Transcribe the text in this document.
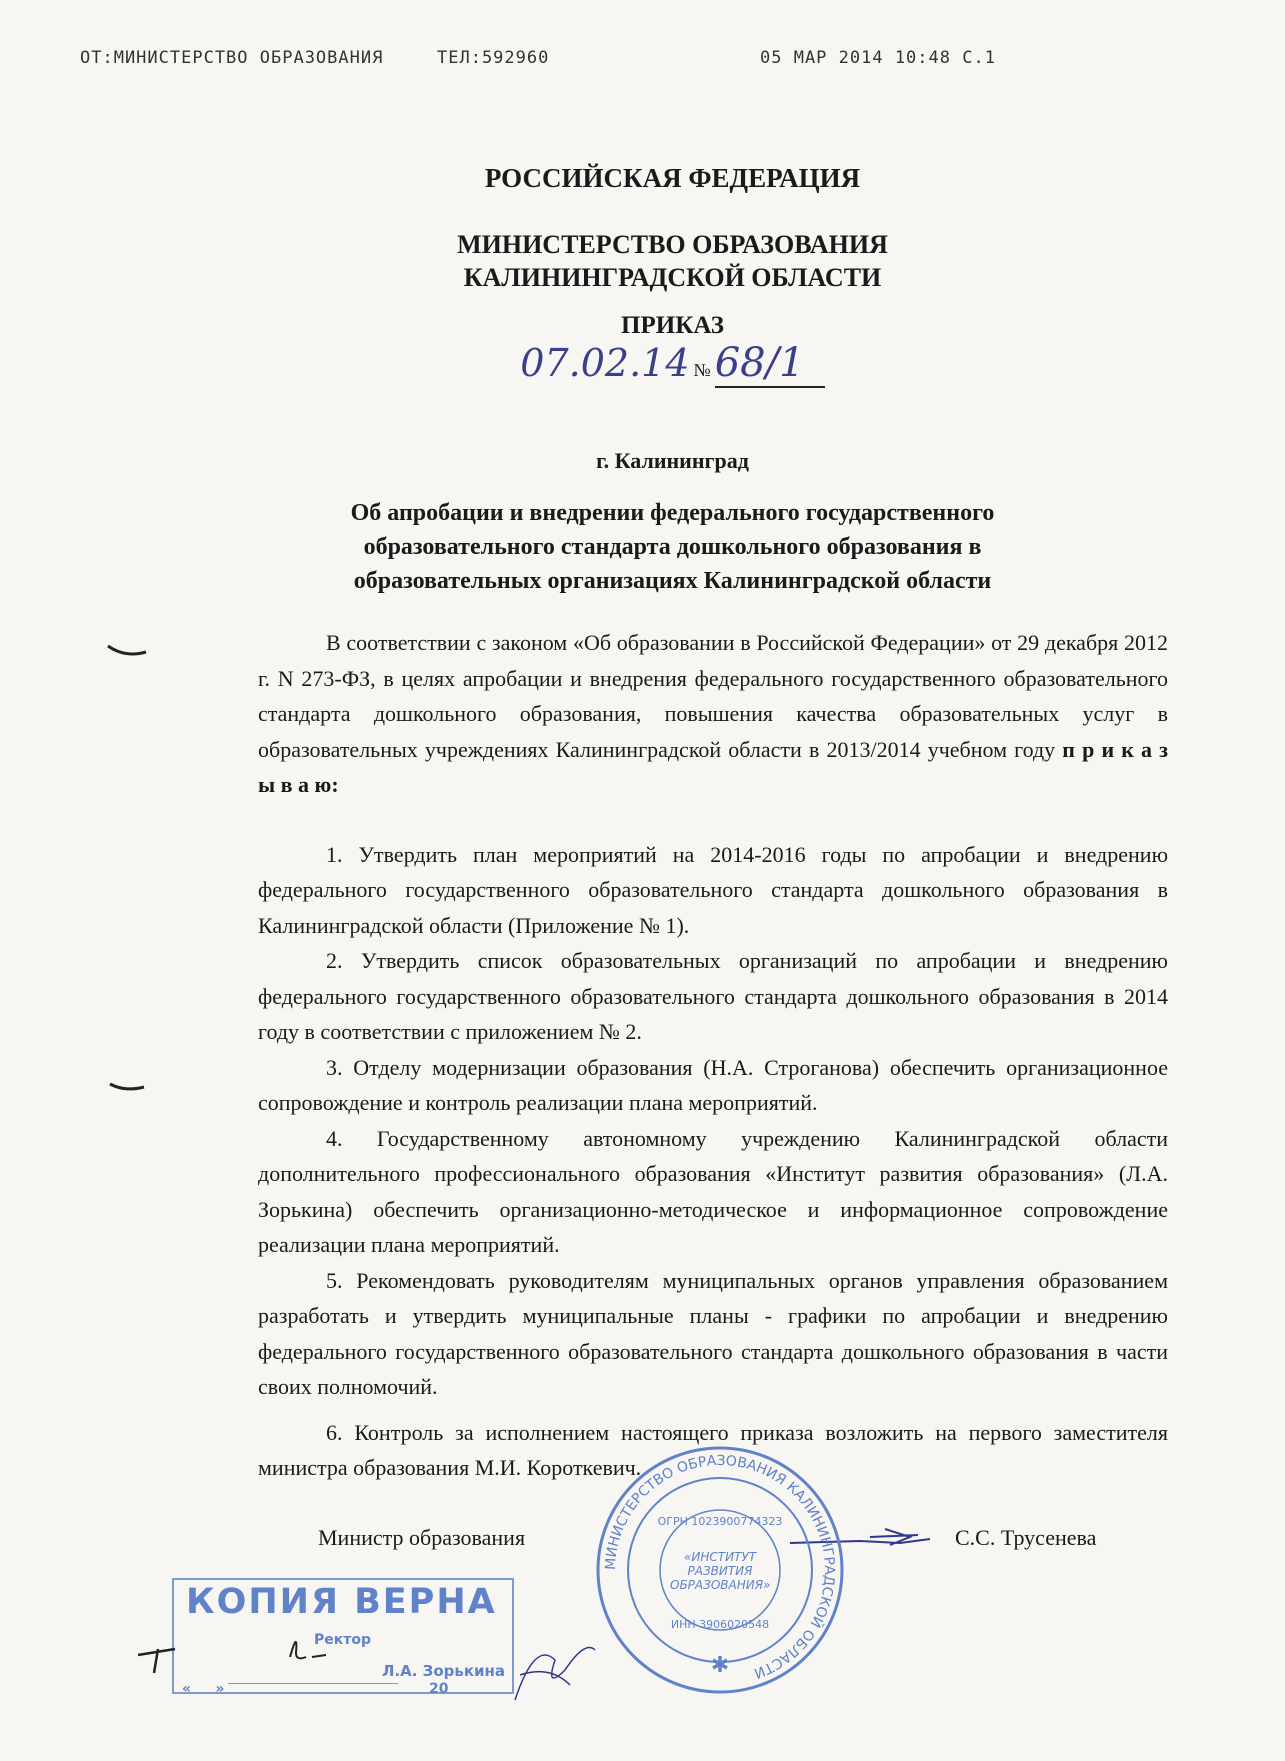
ОТ:МИНИСТЕРСТВО ОБРАЗОВАНИЯ	ТЕЛ:592960	05 МАР 2014 10:48 С.1
РОССИЙСКАЯ ФЕДЕРАЦИЯ
МИНИСТЕРСТВО ОБРАЗОВАНИЯ
КАЛИНИНГРАДСКОЙ ОБЛАСТИ
ПРИКАЗ
07.02.14 № 68/1
г. Калининград
Об апробации и внедрении федерального государственного
образовательного стандарта дошкольного образования в
образовательных организациях Калининградской области

В соответствии с законом «Об образовании в Российской Федерации» от 29 декабря 2012 г. N 273-ФЗ, в целях апробации и внедрения федерального государственного образовательного стандарта дошкольного образования, повышения качества образовательных услуг в образовательных учреждениях Калининградской области в 2013/2014 учебном году п р и к а з ы в а ю:

1. Утвердить план мероприятий на 2014-2016 годы по апробации и внедрению федерального государственного образовательного стандарта дошкольного образования в Калининградской области (Приложение № 1).

2. Утвердить список образовательных организаций по апробации и внедрению федерального государственного образовательного стандарта дошкольного образования в 2014 году в соответствии с приложением № 2.

3. Отделу модернизации образования (Н.А. Строганова) обеспечить организационное сопровождение и контроль реализации плана мероприятий.

4. Государственному автономному учреждению Калининградской области дополнительного профессионального образования «Институт развития образования» (Л.А. Зорькина) обеспечить организационно-методическое и информационное сопровождение реализации плана мероприятий.

5. Рекомендовать руководителям муниципальных органов управления образованием разработать и утвердить муниципальные планы - графики по апробации и внедрению федерального государственного образовательного стандарта дошкольного образования в части своих полномочий.

6. Контроль за исполнением настоящего приказа возложить на первого заместителя министра образования М.И. Короткевич.

Министр образования	С.С. Трусенева
МИНИСТЕРСТВО ОБРАЗОВАНИЯ КАЛИНИНГРАДСКОЙ ОБЛАСТИ
ОГРН 1023900774323
ИНН 3906020548
«ИНСТИТУТ РАЗВИТИЯ ОБРАЗОВАНИЯ»
✱
КОПИЯ ВЕРНА
Ректор
Л.А. Зорькина
« »	20
